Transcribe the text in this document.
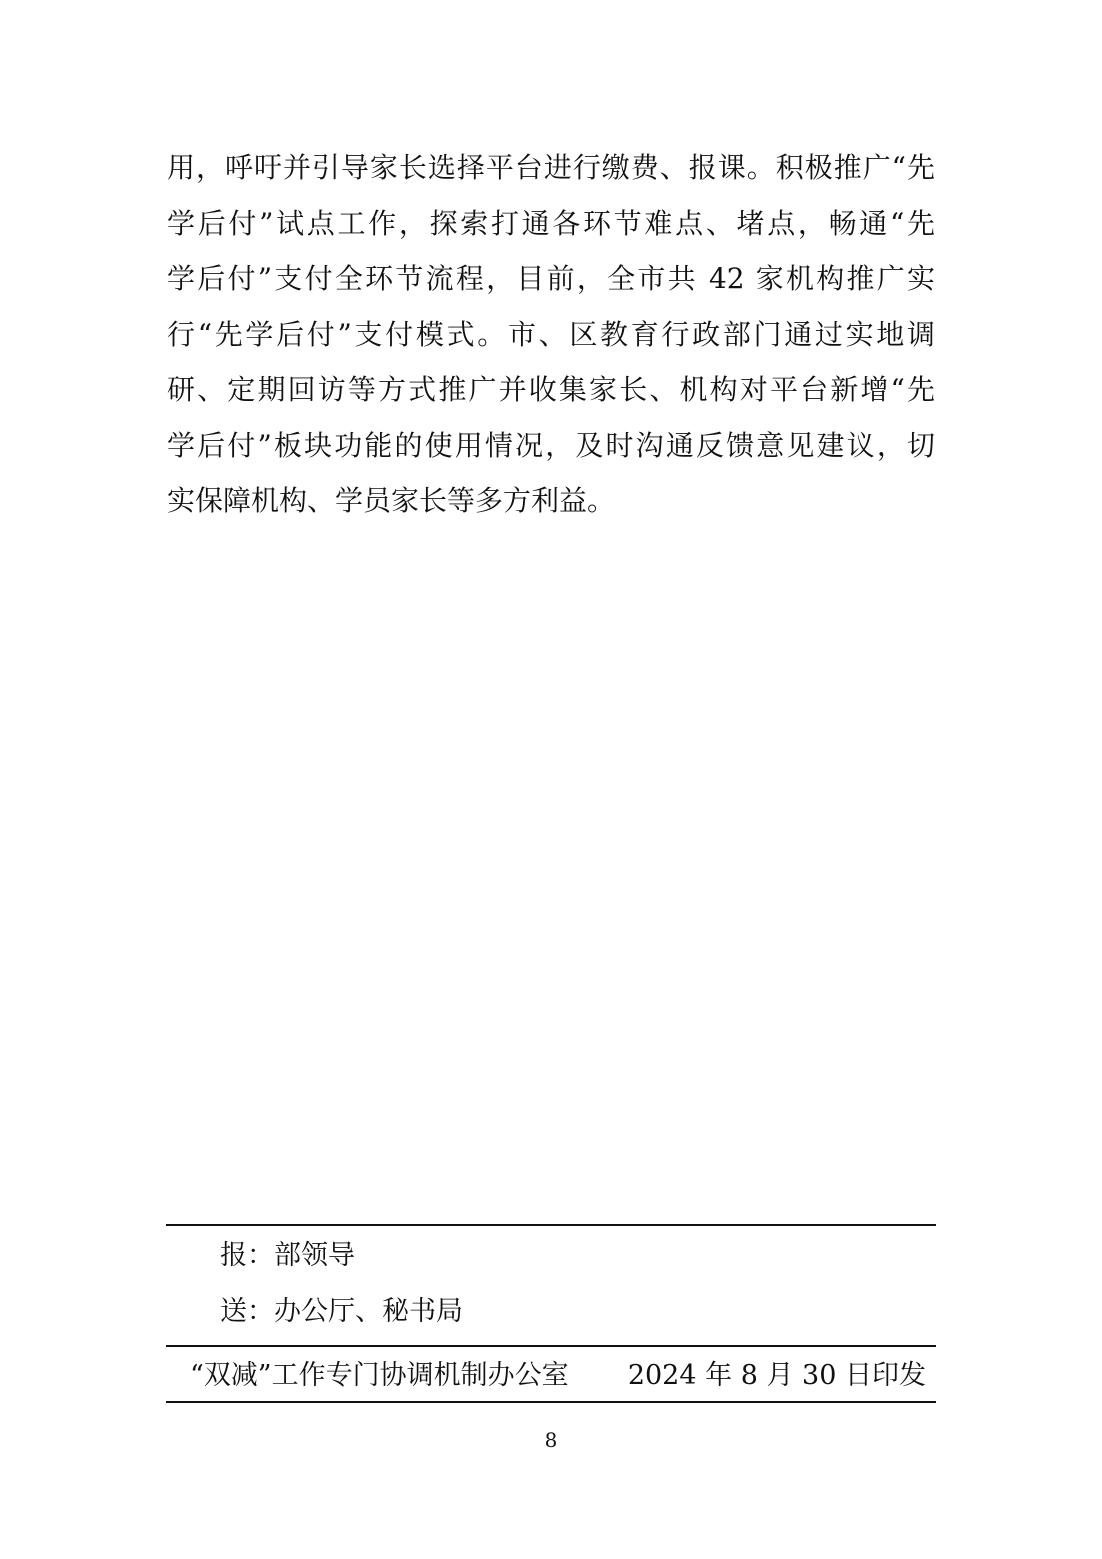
用，呼吁并引导家长选择平台进行缴费、报课。积极推广“先
学后付”试点工作，探索打通各环节难点、堵点，畅通“先
学后付”支付全环节流程，目前，全市共 42 家机构推广实
行“先学后付”支付模式。市、区教育行政部门通过实地调
研、定期回访等方式推广并收集家长、机构对平台新增“先
学后付”板块功能的使用情况，及时沟通反馈意见建议，切
实保障机构、学员家长等多方利益。
报：部领导
送：办公厅、秘书局
“双减”工作专门协调机制办公室 2024 年 8 月 30 日印发
8
